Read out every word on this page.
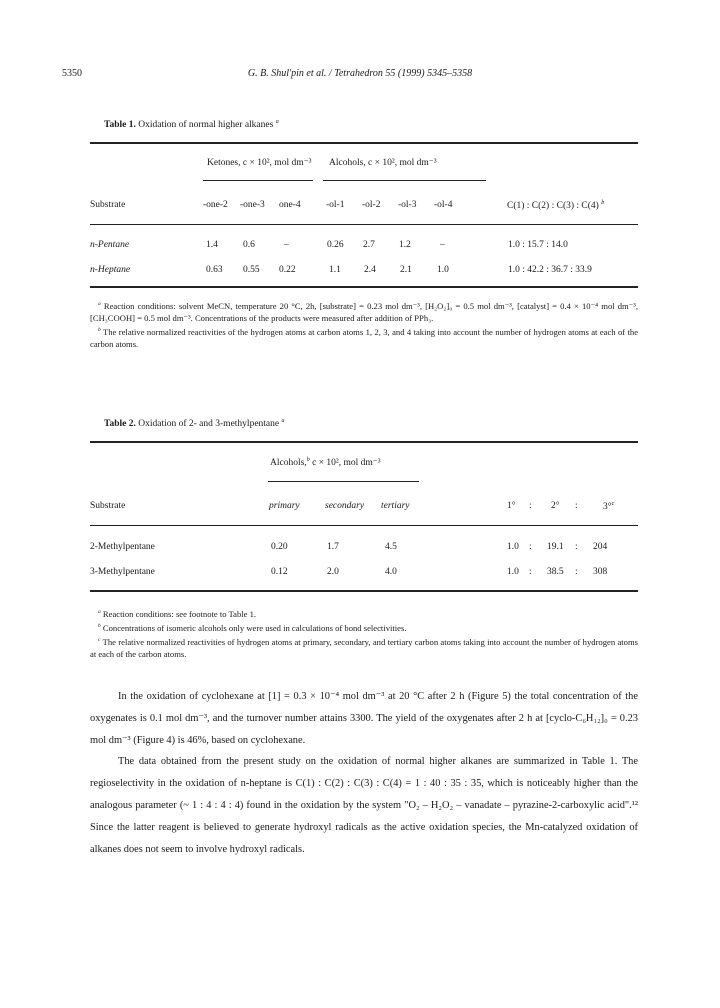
5350	G. B. Shul'pin et al. / Tetrahedron 55 (1999) 5345–5358
Table 1. Oxidation of normal higher alkanes $^a$
Ketones, c × 10², mol dm⁻³ Alcohols, c × 10², mol dm⁻³
Substrate	-one-2 -one-3 one-4	-ol-1 -ol-2 -ol-3 -ol-4	C(1) : C(2) : C(3) : C(4) $^b$
n-Pentane	1.4	0.6	–	0.26 2.7	1.2	–	1.0 : 15.7 : 14.0
n-Heptane	0.63 0.55 0.22	1.1 2.4	2.1	1.0	1.0 : 42.2 : 36.7 : 33.9

$^a$ Reaction conditions: solvent MeCN, temperature 20 °C, 2h, [substrate] = 0.23 mol dm⁻³, [H₂O₂]₀ = 0.5 mol dm⁻³, [catalyst] = 0.4 × 10⁻⁴ mol dm⁻³, [CH₃COOH] = 0.5 mol dm⁻³. Concentrations of the products were measured after addition of PPh₃.

$^b$ The relative normalized reactivities of the hydrogen atoms at carbon atoms 1, 2, 3, and 4 taking into account the number of hydrogen atoms at each of the carbon atoms.

Table 2. Oxidation of 2- and 3-methylpentane $^a$
Alcohols,$^b$ c × 10², mol dm⁻³
Substrate	primary	secondary tertiary	1° : 2° :	3°$^c$
2-Methylpentane	0.20	1.7	4.5	1.0 : 19.1 : 204
3-Methylpentane	0.12	2.0	4.0	1.0 : 38.5 : 308

$^a$ Reaction conditions: see footnote to Table 1.

$^b$ Concentrations of isomeric alcohols only were used in calculations of bond selectivities.

$^c$ The relative normalized reactivities of hydrogen atoms at primary, secondary, and tertiary carbon atoms taking into account the number of hydrogen atoms at each of the carbon atoms.

In the oxidation of cyclohexane at [1] = 0.3 × 10⁻⁴ mol dm⁻³ at 20 °C after 2 h (Figure 5) the total concentration of the oxygenates is 0.1 mol dm⁻³, and the turnover number attains 3300. The yield of the oxygenates after 2 h at [cyclo-C₆H₁₂]₀ = 0.23 mol dm⁻³ (Figure 4) is 46%, based on cyclohexane.

The data obtained from the present study on the oxidation of normal higher alkanes are summarized in Table 1. The regioselectivity in the oxidation of n-heptane is C(1) : C(2) : C(3) : C(4) = 1 : 40 : 35 : 35, which is noticeably higher than the analogous parameter (~ 1 : 4 : 4 : 4) found in the oxidation by the system "O₂ – H₂O₂ – vanadate – pyrazine-2-carboxylic acid".¹² Since the latter reagent is believed to generate hydroxyl radicals as the active oxidation species, the Mn-catalyzed oxidation of alkanes does not seem to involve hydroxyl radicals.
